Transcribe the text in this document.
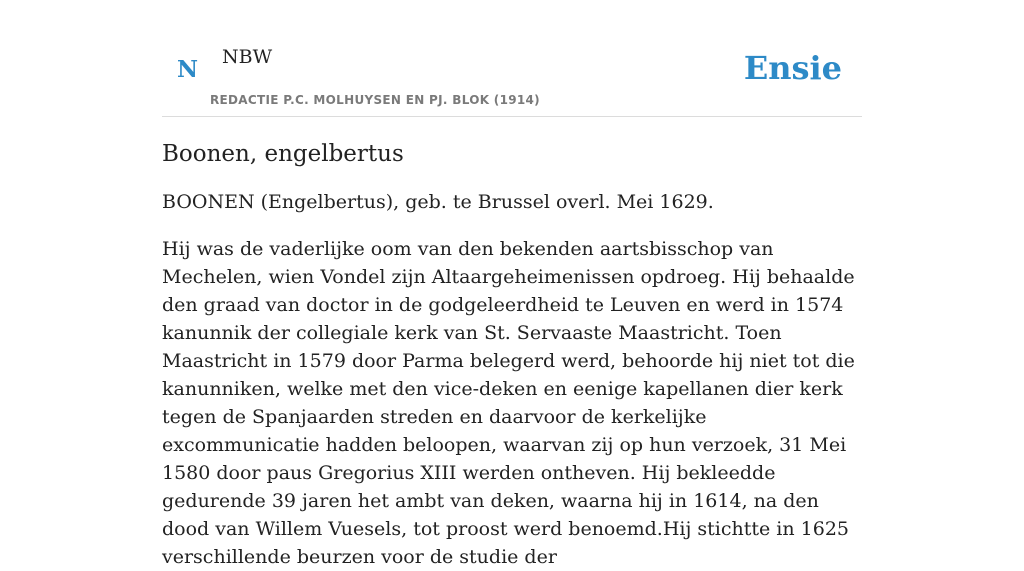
N NBW
REDACTIE P.C. MOLHUYSEN EN PJ. BLOK (1914)
Ensie
Boonen, engelbertus

BOONEN (Engelbertus), geb. te Brussel overl. Mei 1629.

Hij was de vaderlijke oom van den bekenden aartsbisschop van Mechelen, wien Vondel zijn Altaargeheimenissen opdroeg. Hij behaalde den graad van doctor in de godgeleerdheid te Leuven en werd in 1574 kanunnik der collegiale kerk van St. Servaaste Maastricht. Toen Maastricht in 1579 door Parma belegerd werd, behoorde hij niet tot die kanunniken, welke met den vice-deken en eenige kapellanen dier kerk tegen de Spanjaarden streden en daarvoor de kerkelijke excommunicatie hadden beloopen, waarvan zij op hun verzoek, 31 Mei 1580 door paus Gregorius XIII werden ontheven. Hij bekleedde gedurende 39 jaren het ambt van deken, waarna hij in 1614, na den dood van Willem Vuesels, tot proost werd benoemd.Hij stichtte in 1625 verschillende beurzen voor de studie der
